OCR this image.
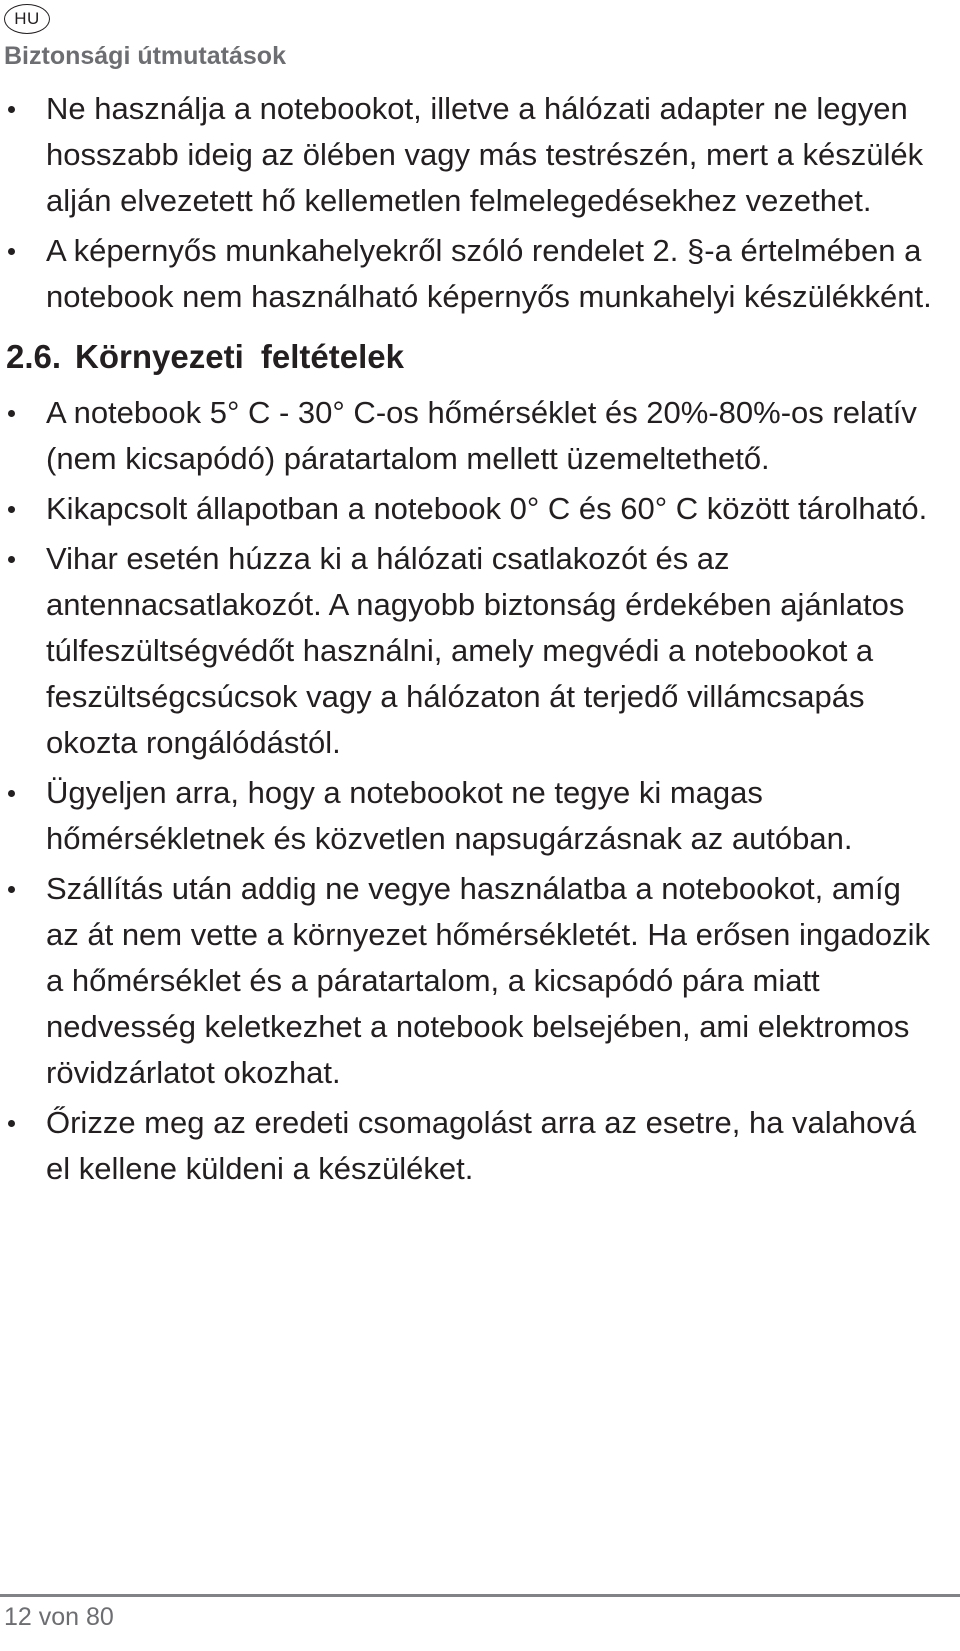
HU
Biztonsági útmutatások
Ne használja a notebookot, illetve a hálózati adapter ne legyen hosszabb ideig az ölében vagy más testrészén, mert a készülék alján elvezetett hő kellemetlen felmelegedésekhez vezethet.
A képernyős munkahelyekről szóló rendelet 2. §-a értelmében a notebook nem használható képernyős munkahelyi készülékként.
2.6. Környezeti feltételek
A notebook 5° C - 30° C-os hőmérséklet és 20%-80%-os relatív (nem kicsapódó) páratartalom mellett üzemeltethető.
Kikapcsolt állapotban a notebook 0° C és 60° C között tárolható.
Vihar esetén húzza ki a hálózati csatlakozót és az antennacsatlakozót. A nagyobb biztonság érdekében ajánlatos túlfeszültségvédőt használni, amely megvédi a notebookot a feszültségcsúcsok vagy a hálózaton át terjedő villámcsapás okozta rongálódástól.
Ügyeljen arra, hogy a notebookot ne tegye ki magas hőmérsékletnek és közvetlen napsugárzásnak az autóban.
Szállítás után addig ne vegye használatba a notebookot, amíg az át nem vette a környezet hőmérsékletét. Ha erősen ingadozik a hőmérséklet és a páratartalom, a kicsapódó pára miatt nedvesség keletkezhet a notebook belsejében, ami elektromos rövidzárlatot okozhat.
Őrizze meg az eredeti csomagolást arra az esetre, ha valahová el kellene küldeni a készüléket.
12 von 80
